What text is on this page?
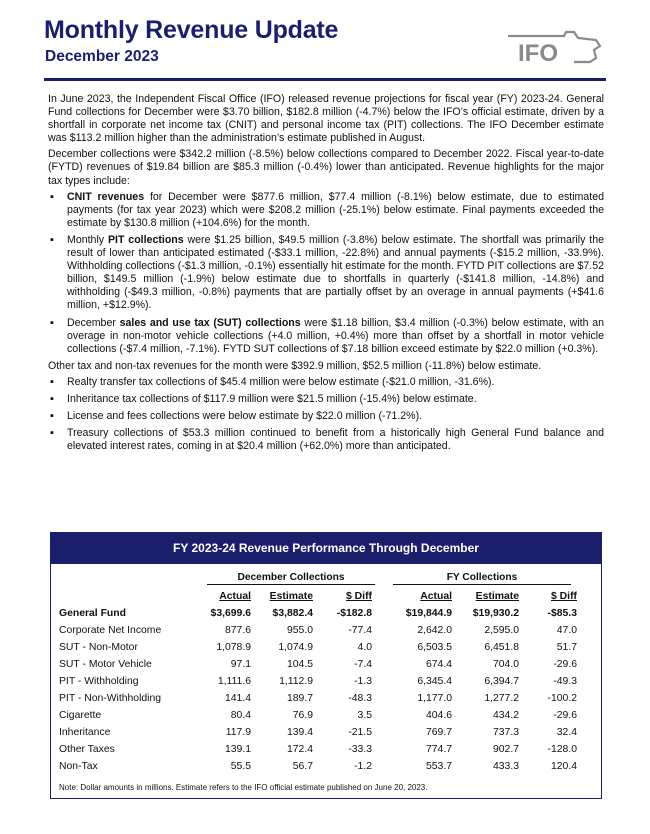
Monthly Revenue Update
December 2023	IFO

In June 2023, the Independent Fiscal Office (IFO) released revenue projections for fiscal year (FY) 2023-24. General Fund collections for December were $3.70 billion, $182.8 million (-4.7%) below the IFO’s official estimate, driven by a shortfall in corporate net income tax (CNIT) and personal income tax (PIT) collections. The IFO December estimate was $113.2 million higher than the administration’s estimate published in August.

December collections were $342.2 million (-8.5%) below collections compared to December 2022. Fiscal year-to-date (FYTD) revenues of $19.84 billion are $85.3 million (-0.4%) lower than anticipated. Revenue highlights for the major tax types include:

▪ CNIT revenues for December were $877.6 million, $77.4 million (-8.1%) below estimate, due to estimated payments (for tax year 2023) which were $208.2 million (-25.1%) below estimate. Final payments exceeded the estimate by $130.8 million (+104.6%) for the month.
▪ Monthly PIT collections were $1.25 billion, $49.5 million (-3.8%) below estimate. The shortfall was primarily the result of lower than anticipated estimated (-$33.1 million, -22.8%) and annual payments (-$15.2 million, -33.9%). Withholding collections (-$1.3 million, -0.1%) essentially hit estimate for the month. FYTD PIT collections are $7.52 billion, $149.5 million (-1.9%) below estimate due to shortfalls in quarterly (-$141.8 million, -14.8%) and withholding (-$49.3 million, -0.8%) payments that are partially offset by an overage in annual payments (+$41.6 million, +$12.9%).
▪ December sales and use tax (SUT) collections were $1.18 billion, $3.4 million (-0.3%) below estimate, with an overage in non-motor vehicle collections (+4.0 million, +0.4%) more than offset by a shortfall in motor vehicle collections (-$7.4 million, -7.1%). FYTD SUT collections of $7.18 billion exceed estimate by $22.0 million (+0.3%).

Other tax and non-tax revenues for the month were $392.9 million, $52.5 million (-11.8%) below estimate.

▪ Realty transfer tax collections of $45.4 million were below estimate (-$21.0 million, -31.6%).
▪ Inheritance tax collections of $117.9 million were $21.5 million (-15.4%) below estimate.
▪ License and fees collections were below estimate by $22.0 million (-71.2%).
▪ Treasury collections of $53.3 million continued to benefit from a historically high General Fund balance and elevated interest rates, coming in at $20.4 million (+62.0%) more than anticipated.
FY 2023-24 Revenue Performance Through December
December Collections	FY Collections
Actual Estimate	$ Diff	Actual Estimate	$ Diff
General Fund	$3,699.6 $3,882.4 -$182.8	$19,844.9 $19,930.2	-$85.3
Corporate Net Income	877.6	955.0	-77.4	2,642.0	2,595.0	47.0
SUT - Non-Motor	1,078.9	1,074.9	4.0	6,503.5	6,451.8	51.7
SUT - Motor Vehicle	97.1	104.5	-7.4	674.4	704.0	-29.6
PIT - Withholding	1,111.6	1,112.9	-1.3	6,345.4	6,394.7	-49.3
PIT - Non-Withholding	141.4	189.7	-48.3	1,177.0	1,277.2	-100.2
Cigarette	80.4	76.9	3.5	404.6	434.2	-29.6
Inheritance	117.9	139.4	-21.5	769.7	737.3	32.4
Other Taxes	139.1	172.4	-33.3	774.7	902.7	-128.0
Non-Tax	55.5	56.7	-1.2	553.7	433.3	120.4
Note: Dollar amounts in millions. Estimate refers to the IFO official estimate published on June 20, 2023.
